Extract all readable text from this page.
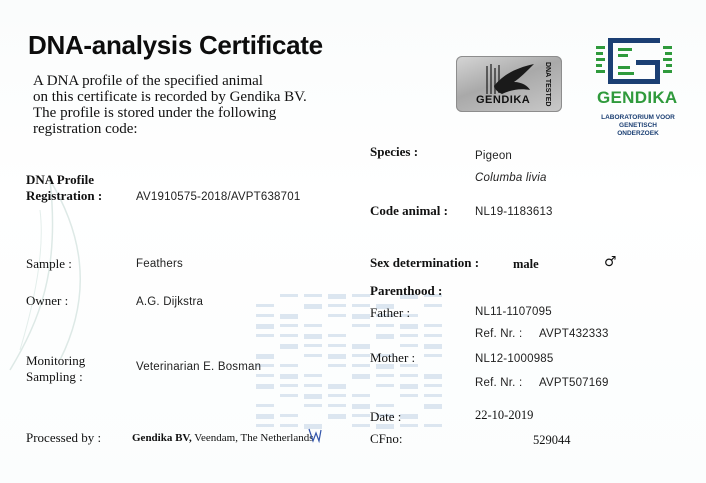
DNA-analysis Certificate
A DNA profile of the specified animal
on this certificate is recorded by Gendika BV.
The profile is stored under the following
registration code:
GENDIKA DNA TESTED	GENDIKA
LABORATORIUM VOOR
GENETISCH ONDERZOEK
DNA Profile
Registration :	AV1910575-2018/AVPT638701
Sample :	Feathers
Owner :	A.G. Dijkstra
Monitoring
Sampling :
Veterinarian E. Bosman
Processed by :	Gendika BV, Veendam, The Netherlands
Species :	Pigeon
Columba livia
Code animal : NL19-1183613
Sex determination :	male	♂
Parenthood :
Father :	NL11-1107095
Ref. Nr. : AVPT432333
Mother :	NL12-1000985
Ref. Nr. : AVPT507169
Date :	22-10-2019
CFno:	529044
